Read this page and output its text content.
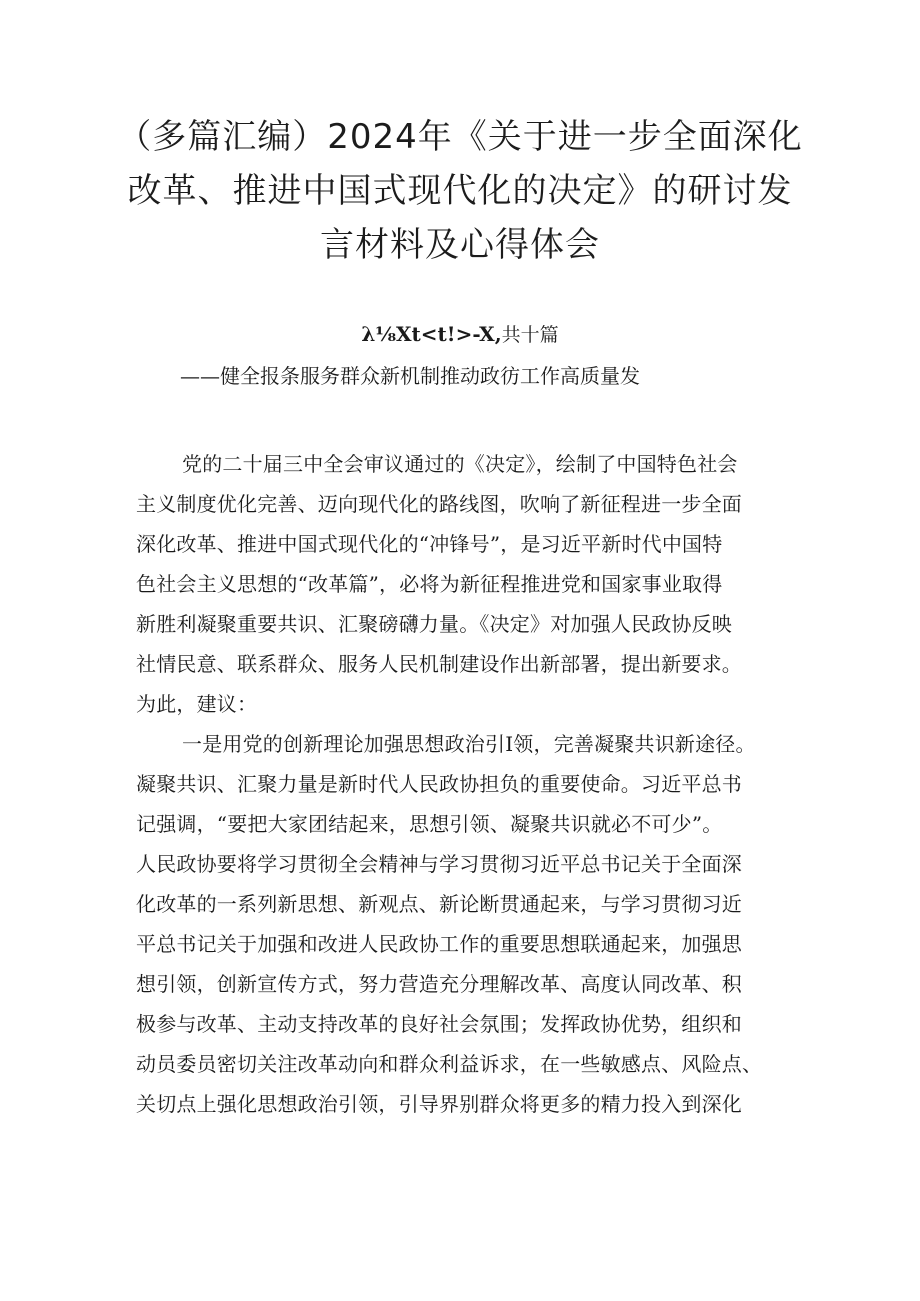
（多篇汇编）2024年《关于进一步全面深化
改革、推进中国式现代化的决定》的研讨发
言材料及心得体会
λ⅛Xt<t!>-X,共十篇
——健全报条服务群众新机制推动政彷工作高质量发
党的二十届三中全会审议通过的《决定》，绘制了中国特色社会
主义制度优化完善、迈向现代化的路线图，吹响了新征程进一步全面
深化改革、推进中国式现代化的“冲锋号”，是习近平新时代中国特
色社会主义思想的“改革篇”，必将为新征程推进党和国家事业取得
新胜利凝聚重要共识、汇聚磅礴力量。《决定》对加强人民政协反映
社情民意、联系群众、服务人民机制建设作出新部署，提出新要求。
为此，建议：
一是用党的创新理论加强思想政治引I领，完善凝聚共识新途径。
凝聚共识、汇聚力量是新时代人民政协担负的重要使命。习近平总书
记强调，“要把大家团结起来，思想引领、凝聚共识就必不可少”。
人民政协要将学习贯彻全会精神与学习贯彻习近平总书记关于全面深
化改革的一系列新思想、新观点、新论断贯通起来，与学习贯彻习近
平总书记关于加强和改进人民政协工作的重要思想联通起来，加强思
想引领，创新宣传方式，努力营造充分理解改革、高度认同改革、积
极参与改革、主动支持改革的良好社会氛围；发挥政协优势，组织和
动员委员密切关注改革动向和群众利益诉求，在一些敏感点、风险点、
关切点上强化思想政治引领，引导界别群众将更多的精力投入到深化
